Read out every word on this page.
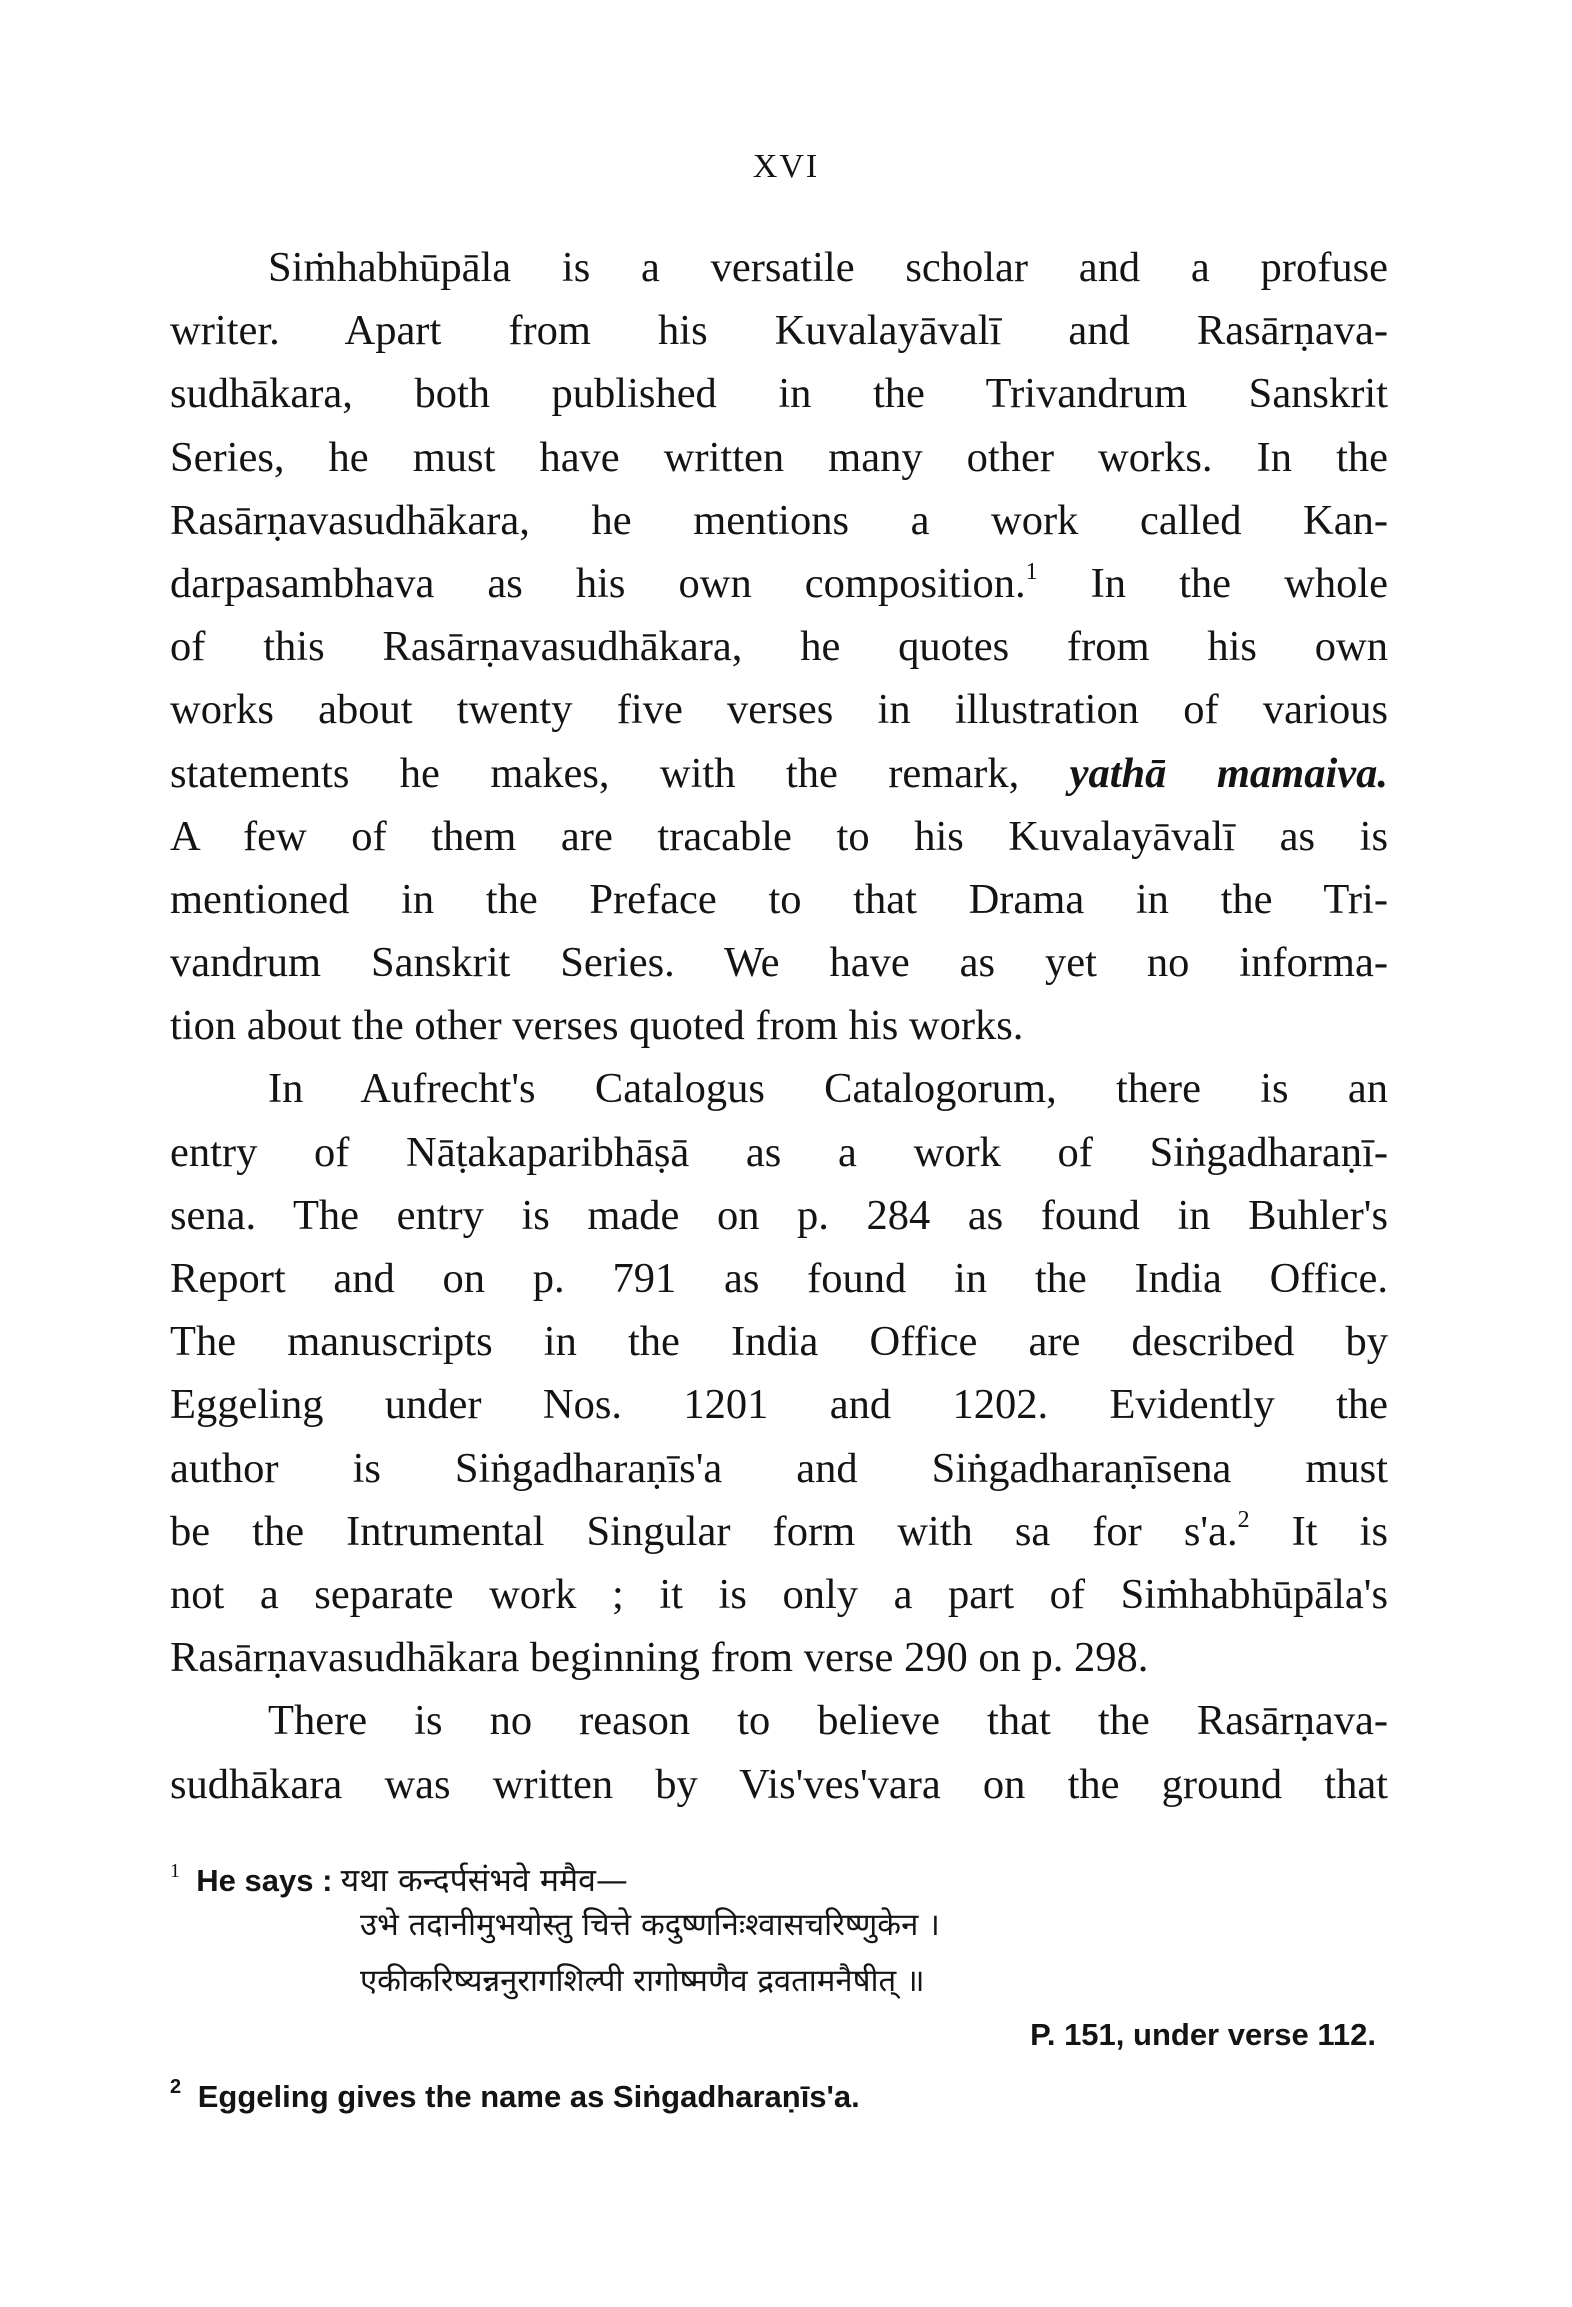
XVI
Siṁhabhūpāla is a versatile scholar and a profuse
writer. Apart from his Kuvalayāvalī and Rasārṇava-
sudhākara, both published in the Trivandrum Sanskrit
Series, he must have written many other works. In the
Rasārṇavasudhākara, he mentions a work called Kan-
darpasambhava as his own composition.$^1$ In the whole
of this Rasārṇavasudhākara, he quotes from his own
works about twenty five verses in illustration of various
statements he makes, with the remark, yathā mamaiva.
A few of them are tracable to his Kuvalayāvalī as is
mentioned in the Preface to that Drama in the Tri-
vandrum Sanskrit Series. We have as yet no informa-
tion about the other verses quoted from his works.
In Aufrecht's Catalogus Catalogorum, there is an
entry of Nāṭakaparibhāṣā as a work of Siṅgadharaṇī-
sena. The entry is made on p. 284 as found in Buhler's
Report and on p. 791 as found in the India Office.
The manuscripts in the India Office are described by
Eggeling under Nos. 1201 and 1202. Evidently the
author is Siṅgadharaṇīs'a and Siṅgadharaṇīsena must
be the Intrumental Singular form with sa for s'a.$^2$ It is
not a separate work ; it is only a part of Siṁhabhūpāla's
Rasārṇavasudhākara beginning from verse 290 on p. 298.
There is no reason to believe that the Rasārṇava-
sudhākara was written by Vis'ves'vara on the ground that
$^1$ He says : यथा कन्दर्पसंभवे ममैव—
उभे तदानीमुभयोस्तु चित्ते कदुष्णनिःश्वासचरिष्णुकेन ।
एकीकरिष्यन्ननुरागशिल्पी रागोष्मणैव द्रवतामनैषीत् ॥
P. 151, under verse 112.
$^2$ Eggeling gives the name as Siṅgadharaṇīs'a.
